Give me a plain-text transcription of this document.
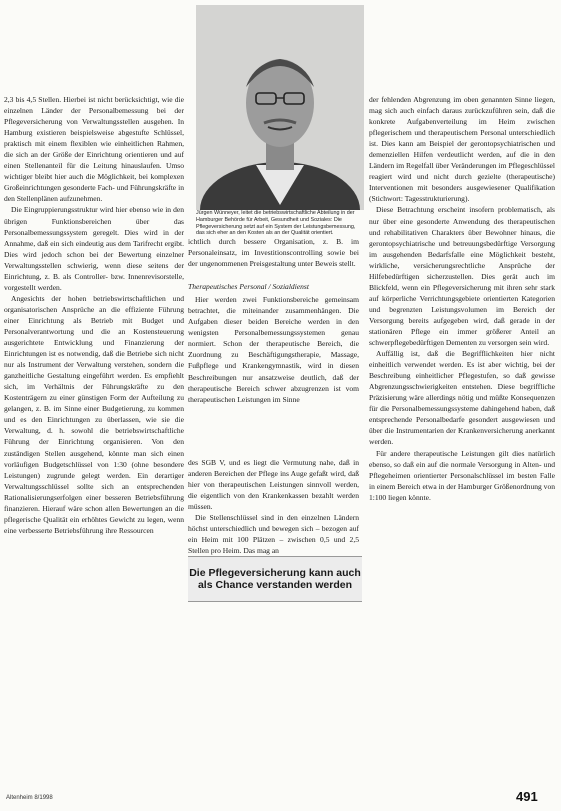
Jürgen Wünneyer, leitet die betriebswirtschaftliche Abteilung in der Hamburger Behörde für Arbeit, Gesundheit und Soziales: Die Pflegeversicherung setzt auf ein System der Leistungsbemessung, das sich eher an den Kosten als an der Qualität orientiert.

2,3 bis 4,5 Stellen. Hierbei ist nicht berücksichtigt, wie die einzelnen Länder der Personalbemessung bei der Pflegeversicherung von Verwaltungsstellen ausgehen. In Hamburg existieren beispielsweise abgestufte Schlüssel, praktisch mit einem flexiblen wie einheitlichen Rahmen, die sich an der Größe der Einrichtung orientieren und auf einen Stellenanteil für die Leitung hinauslaufen. Umso wichtiger bleibt hier auch die Möglichkeit, bei komplexen Großeinrichtungen gesonderte Fach- und Führungskräfte in den Stellenplänen aufzunehmen.

Die Eingruppierungsstruktur wird hier ebenso wie in den übrigen Funktionsbereichen über das Personalbemessungssystem geregelt. Dies wird in der Annahme, daß ein sich eindeutig aus dem Tarifrecht ergibt. Dies wird jedoch schon bei der Bewertung einzelner Verwaltungsstellen schwierig, wenn diese seitens der Einrichtung, z. B. als Controller- bzw. Innenrevisorstelle, vorgestellt werden.

Angesichts der hohen betriebswirtschaftlichen und organisatorischen Ansprüche an die effiziente Führung einer Einrichtung als Betrieb mit Budget und Personalverantwortung und die an Kostensteuerung ausgerichtete Entwicklung und Finanzierung der Einrichtungen ist es notwendig, daß die Betriebe sich nicht nur als Instrument der Verwaltung verstehen, sondern die ganzheitliche Gestaltung eingeführt werden. Es empfiehlt sich, im Verhältnis der Führungskräfte zu den Kostenträgern zu einer günstigen Form der Aufteilung zu gelangen, z. B. im Sinne einer Budgetierung, zu kommen und es den Einrichtungen zu überlassen, wie sie die Verwaltung, d. h. sowohl die betriebswirtschaftliche Führung der Einrichtung organisieren. Von den zuständigen Stellen ausgehend, könnte man sich einen vorläufigen Budgetschlüssel von 1:30 (ohne besondere Leistungen) zugrunde gelegt werden. Ein derartiger Verwaltungsschlüssel sollte sich an entsprechenden Rationalisierungserfolgen einer besseren Betriebsführung finanzieren. Hierauf wäre schon allen Bewertungen an die pflegerische Qualität ein erhöhtes Gewicht zu legen, wenn eine verbesserte Betriebsführung ihre Ressourcen

ichtlich durch bessere Organisation, z. B. im Personaleinsatz, im Investitionscontrolling sowie bei der ungenommenen Preisgestaltung unter Beweis stellt.

Therapeutisches Personal / Sozialdienst

Hier werden zwei Funktionsbereiche gemeinsam betrachtet, die miteinander zusammenhängen. Die Aufgaben dieser beiden Bereiche werden in den wenigsten Personalbemessungssystemen genau normiert. Schon der therapeutische Bereich, die Zuordnung zu Beschäftigungstherapie, Massage, Fußpflege und Krankengymnastik, wird in diesen Beschreibungen nur ansatzweise deutlich, daß der therapeutische Bereich schwer abzugrenzen ist vom therapeutischen Leistungen im Sinne

des SGB V, und es liegt die Vermutung nahe, daß in anderen Bereichen der Pflege ins Auge gefaßt wird, daß hier von therapeutischen Leistungen sinnvoll werden, die eigentlich von den Krankenkassen bezahlt werden müssen.

Die Stellenschlüssel sind in den einzelnen Ländern höchst unterschiedlich und bewegen sich – bezogen auf ein Heim mit 100 Plätzen – zwischen 0,5 und 2,5 Stellen pro Heim. Das mag an

Die Pflegeversicherung kann auch als Chance verstanden werden

der fehlenden Abgrenzung im oben genannten Sinne liegen, mag sich auch einfach daraus zurückzuführen sein, daß die konkrete Aufgabenverteilung im Heim zwischen pflegerischem und therapeutischem Personal unterschiedlich ist. Dies kann am Beispiel der gerontopsychiatrischen und demenziellen Hilfen verdeutlicht werden, auf die in den Ländern im Regelfall über Veränderungen im Pflegeschlüssel reagiert wird und nicht durch gezielte (therapeutische) Interventionen mit besonders ausgewiesener Qualifikation (Stichwort: Tagesstrukturierung).

Diese Betrachtung erscheint insofern problematisch, als nur über eine gesonderte Anwendung des therapeutischen und rehabilitativen Charakters über Bewohner hinaus, die gerontopsychiatrische und betreuungsbedürftige Versorgung im ausgehenden Bedarfsfalle eine Möglichkeit besteht, wirkliche, versicherungsrechtliche Ansprüche der Hilfebedürftigen sicherzustellen. Dies gerät auch im Blickfeld, wenn ein Pflegeversicherung mit ihren sehr stark auf körperliche Verrichtungsgebiete orientierten Kategorien und begrenzten Leistungsvolumen im Bereich der Versorgung bereits aufgegeben wird, daß gerade in der stationären Pflege ein immer größerer Anteil an schwerpflegebedürftigen Dementen zu versorgen sein wird.

Auffällig ist, daß die Begrifflichkeiten hier nicht einheitlich verwendet werden. Es ist aber wichtig, bei der Beschreibung einheitlicher Pflegestufen, so daß gewisse Abgrenzungsschwierigkeiten entstehen. Diese begriffliche Präzisierung wäre allerdings nötig und müßte Konsequenzen für die Personalbemessungssysteme dahingehend haben, daß entsprechende Personalbedarfe gesondert ausgewiesen und über die Instrumentarien der Krankenversicherung anerkannt werden.

Für andere therapeutische Leistungen gilt dies natürlich ebenso, so daß ein auf die normale Versorgung in Alten- und Pflegeheimen orientierter Personalschlüssel im besten Falle in einem Bereich etwa in der Hamburger Größenordnung von 1:100 liegen könnte.

Altenheim 8/1998	491
